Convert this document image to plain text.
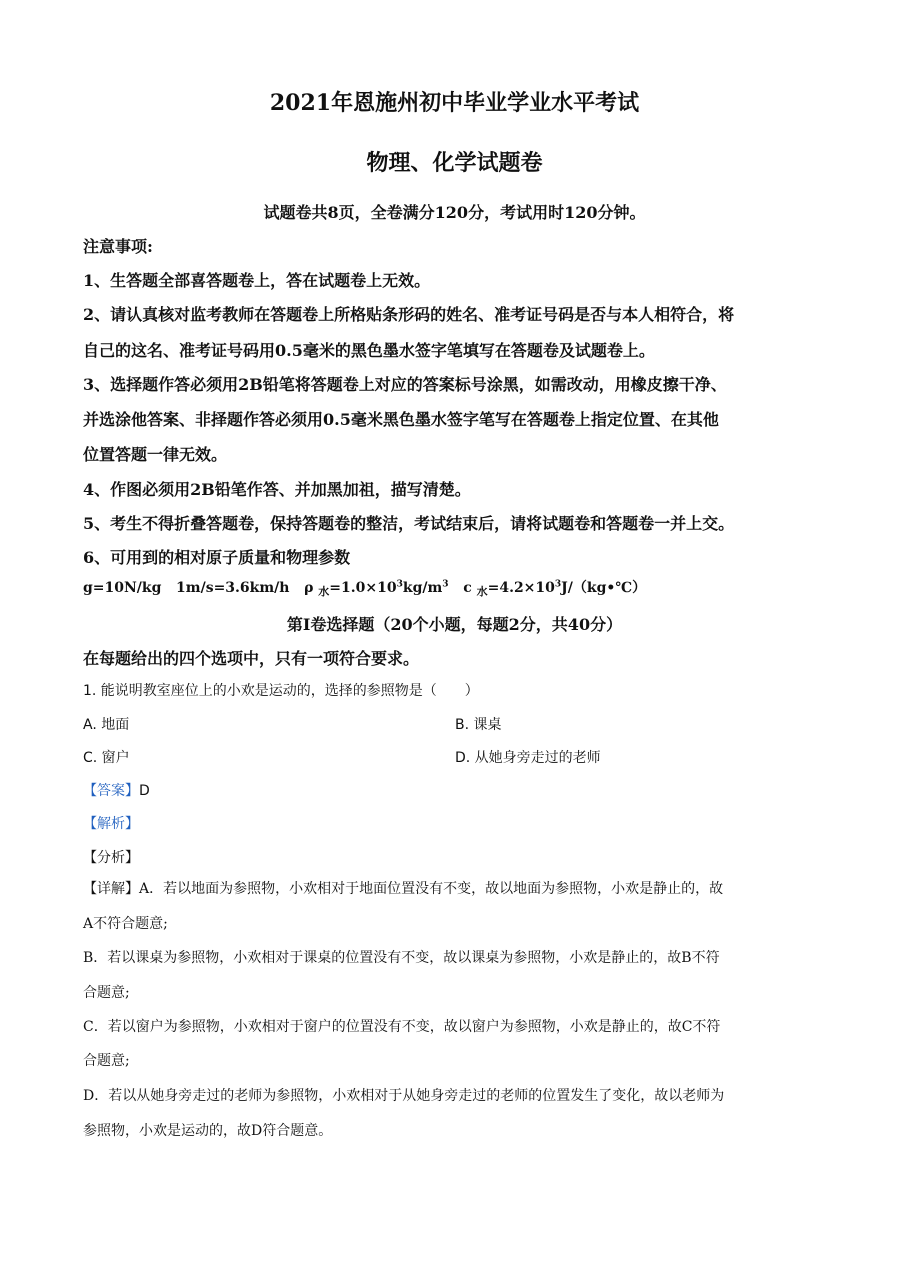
2021年恩施州初中毕业学业水平考试
物理、化学试题卷
试题卷共8页，全卷满分120分，考试用时120分钟。
注意事项:
1、生答题全部喜答题卷上，答在试题卷上无效。
2、请认真核对监考教师在答题卷上所格贴条形码的姓名、准考证号码是否与本人相符合，将
自己的这名、准考证号码用0.5毫米的黑色墨水签字笔填写在答题卷及试题卷上。
3、选择题作答必须用2B铅笔将答题卷上对应的答案标号涂黑，如需改动，用橡皮擦干净、
并选涂他答案、非择题作答必须用0.5毫米黑色墨水签字笔写在答题卷上指定位置、在其他
位置答题一律无效。
4、作图必须用2B铅笔作答、并加黑加祖，描写清楚。
5、考生不得折叠答题卷，保持答题卷的整洁，考试结束后，请将试题卷和答题卷一并上交。
6、可用到的相对原子质量和物理参数
g=10N/kg 1m/s=3.6km/h ρ $_水=1.0\times 10^3kg/m^3$ c $_水=4.2\times 10^3J/(kg•℃)$
第I卷选择题（20个小题，每题2分，共40分）
在每题给出的四个选项中，只有一项符合要求。
1. 能说明教室座位上的小欢是运动的，选择的参照物是（　　）
A. 地面	B. 课桌
C. 窗户	D. 从她身旁走过的老师
【答案】D
【解析】
【分析】
【详解】A．若以地面为参照物，小欢相对于地面位置没有不变，故以地面为参照物，小欢是静止的，故
A不符合题意;
B．若以课桌为参照物，小欢相对于课桌的位置没有不变，故以课桌为参照物，小欢是静止的，故B不符
合题意;
C．若以窗户为参照物，小欢相对于窗户的位置没有不变，故以窗户为参照物，小欢是静止的，故C不符
合题意;
D．若以从她身旁走过的老师为参照物，小欢相对于从她身旁走过的老师的位置发生了变化，故以老师为
参照物，小欢是运动的，故D符合题意。
